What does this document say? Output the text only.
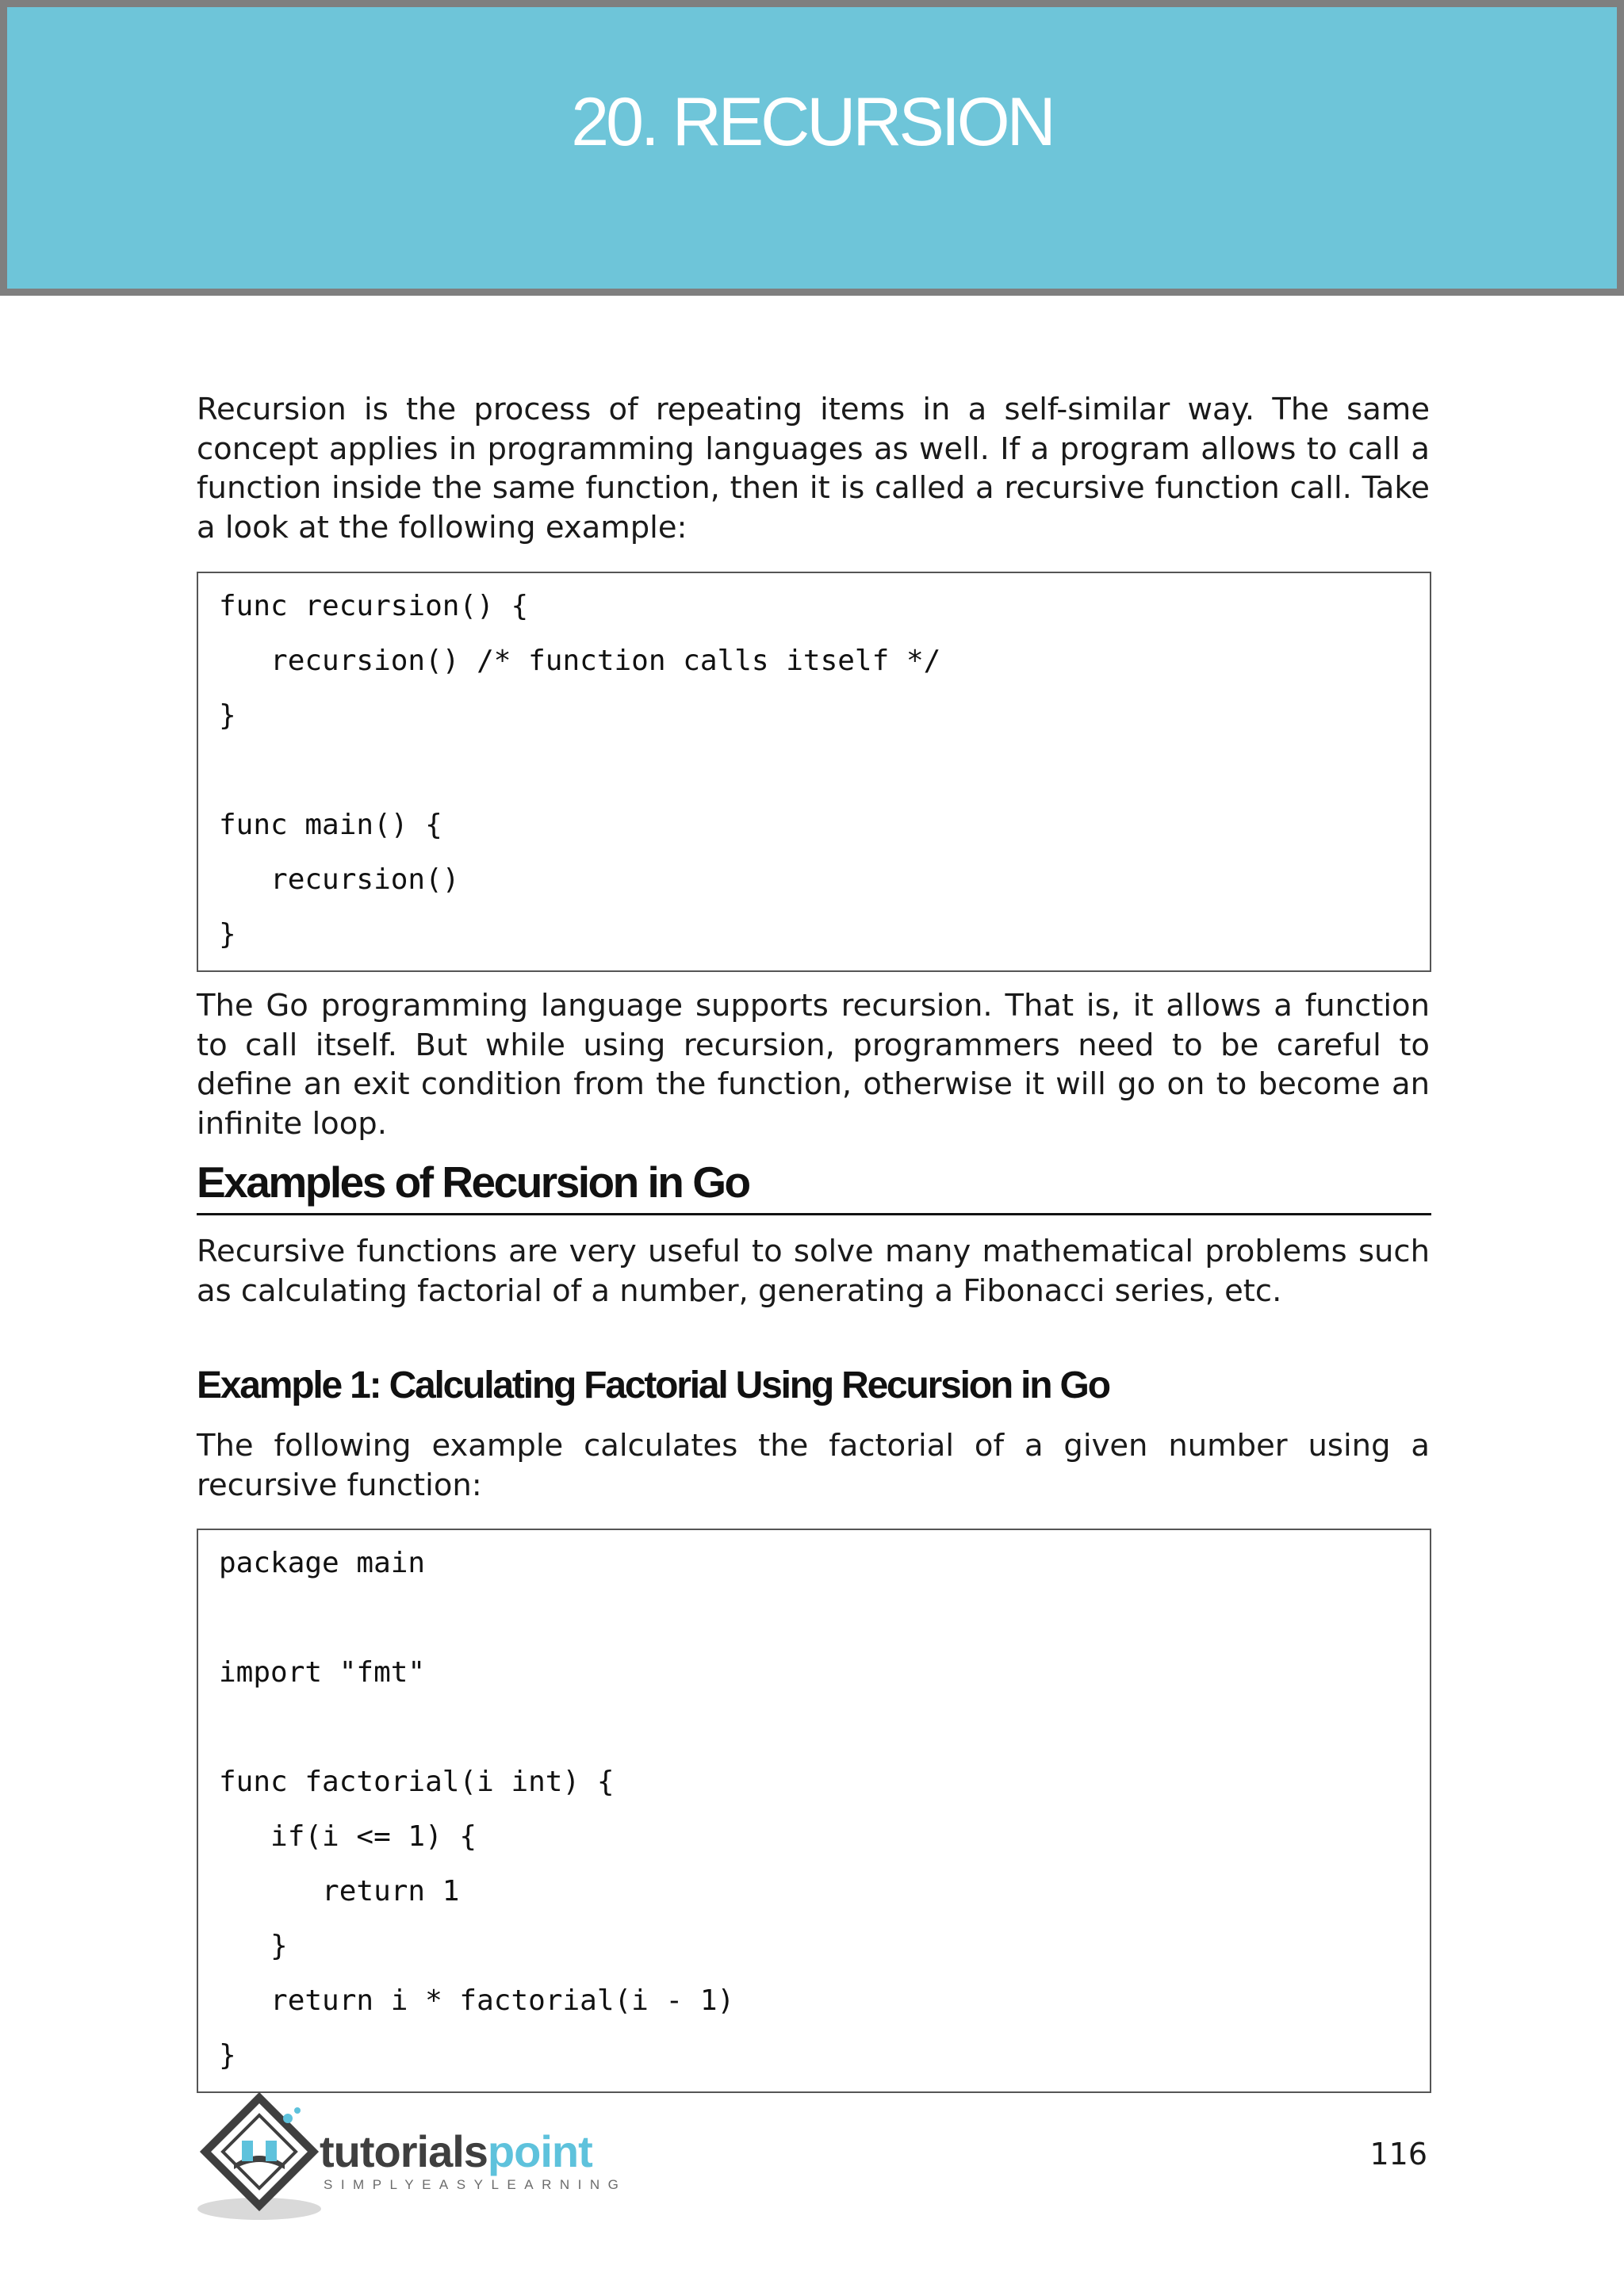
20. RECURSION

Recursion is the process of repeating items in a self-similar way. The same concept applies in programming languages as well. If a program allows to call a function inside the same function, then it is called a recursive function call. Take a look at the following example:

func recursion() {
recursion() /* function calls itself */
}
func main() {
recursion()
}

The Go programming language supports recursion. That is, it allows a function to call itself. But while using recursion, programmers need to be careful to define an exit condition from the function, otherwise it will go on to become an infinite loop.

Examples of Recursion in Go

Recursive functions are very useful to solve many mathematical problems such as calculating factorial of a number, generating a Fibonacci series, etc.

Example 1: Calculating Factorial Using Recursion in Go

The following example calculates the factorial of a given number using a recursive function:

package main
import "fmt"
func factorial(i int) {
if(i <= 1) {
return 1
}
return i * factorial(i - 1)
}
tutorialspoint
SIMPLYEASYLEARNING
116
